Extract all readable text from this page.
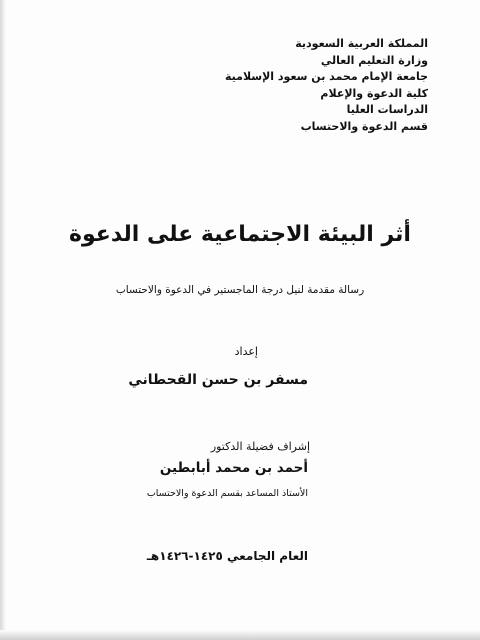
المملكة العربية السعودية
وزارة التعليم العالي
جامعة الإمام محمد بن سعود الإسلامية
كلية الدعوة والإعلام
الدراسات العليا
قسم الدعوة والاحتساب
أثر البيئة الاجتماعية على الدعوة
رسالة مقدمة لنيل درجة الماجستير في الدعوة والاحتساب
إعداد
مسفر بن حسن القحطاني
إشراف فضيلة الدكتور
أحمد بن محمد أبابطين
الأستاذ المساعد بقسم الدعوة والاحتساب
العام الجامعي ١٤٢٥-١٤٢٦هـ
